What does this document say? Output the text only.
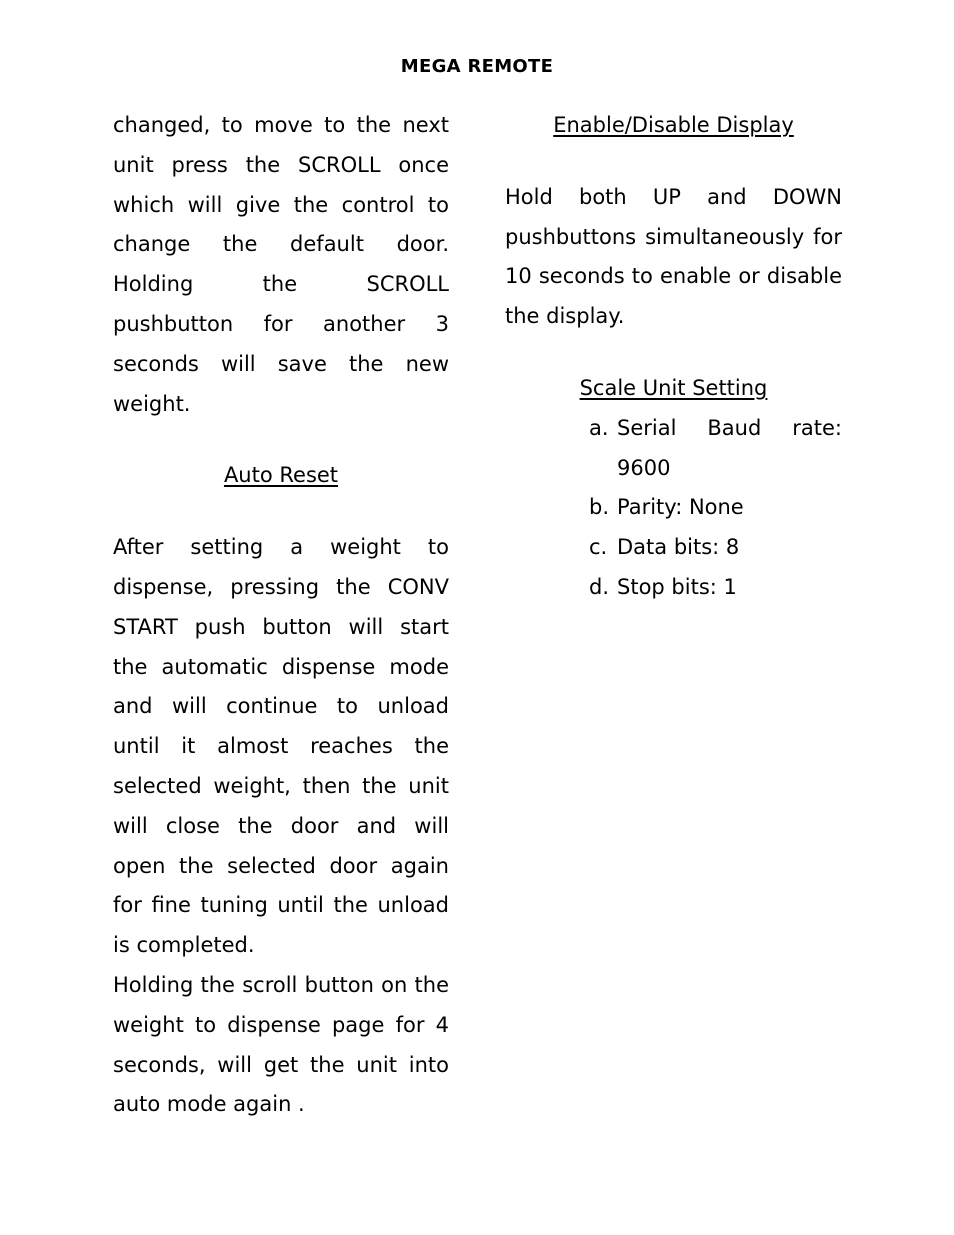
MEGA REMOTE

changed, to move to the next unit press the SCROLL once which will give the control to change the default door. Holding the SCROLL pushbutton for another 3 seconds will save the new weight.

Auto Reset

After setting a weight to dispense, pressing the CONV START push button will start the automatic dispense mode and will continue to unload until it almost reaches the selected weight, then the unit will close the door and will open the selected door again for fine tuning until the unload is completed.

Holding the scroll button on the weight to dispense page for 4 seconds, will get the unit into auto mode again .

Enable/Disable Display

Hold both UP and DOWN pushbuttons simultaneously for 10 seconds to enable or disable the display.

Scale Unit Setting
a. Serial Baud rate: 9600
b. Parity: None
c. Data bits: 8
d. Stop bits: 1
